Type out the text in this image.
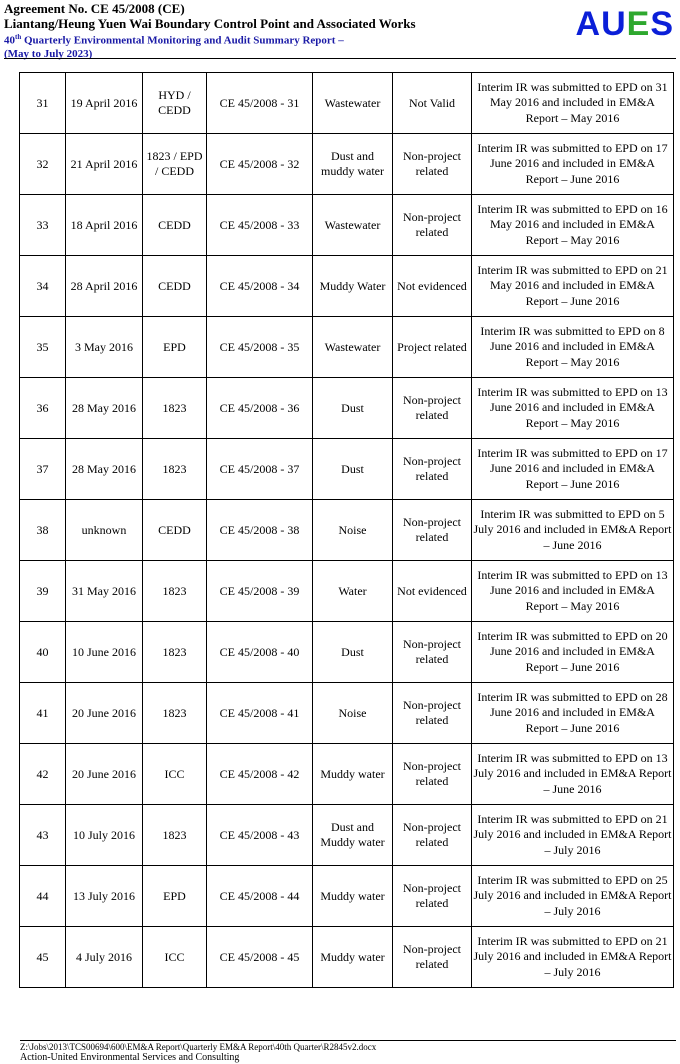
Agreement No. CE 45/2008 (CE)

Liantang/Heung Yuen Wai Boundary Control Point and Associated Works

40th Quarterly Environmental Monitoring and Audit Summary Report –

(May to July 2023)

AUES
31	19 April 2016	HYD / CEDD	CE 45/2008 - 31	Wastewater	Not Valid	Interim IR was submitted to EPD on 31 May 2016 and included in EM&A Report – May 2016
32	21 April 2016	1823 / EPD / CEDD	CE 45/2008 - 32	Dust and muddy water	Non-project related	Interim IR was submitted to EPD on 17 June 2016 and included in EM&A Report – June 2016
33	18 April 2016	CEDD	CE 45/2008 - 33	Wastewater	Non-project related	Interim IR was submitted to EPD on 16 May 2016 and included in EM&A Report – May 2016
34	28 April 2016	CEDD	CE 45/2008 - 34	Muddy Water	Not evidenced	Interim IR was submitted to EPD on 21 May 2016 and included in EM&A Report – June 2016
35	3 May 2016	EPD	CE 45/2008 - 35	Wastewater	Project related	Interim IR was submitted to EPD on 8 June 2016 and included in EM&A Report – May 2016
36	28 May 2016	1823	CE 45/2008 - 36	Dust	Non-project related	Interim IR was submitted to EPD on 13 June 2016 and included in EM&A Report – May 2016
37	28 May 2016	1823	CE 45/2008 - 37	Dust	Non-project related	Interim IR was submitted to EPD on 17 June 2016 and included in EM&A Report – June 2016
38	unknown	CEDD	CE 45/2008 - 38	Noise	Non-project related	Interim IR was submitted to EPD on 5 July 2016 and included in EM&A Report – June 2016
39	31 May 2016	1823	CE 45/2008 - 39	Water	Not evidenced	Interim IR was submitted to EPD on 13 June 2016 and included in EM&A Report – May 2016
40	10 June 2016	1823	CE 45/2008 - 40	Dust	Non-project related	Interim IR was submitted to EPD on 20 June 2016 and included in EM&A Report – June 2016
41	20 June 2016	1823	CE 45/2008 - 41	Noise	Non-project related	Interim IR was submitted to EPD on 28 June 2016 and included in EM&A Report – June 2016
42	20 June 2016	ICC	CE 45/2008 - 42	Muddy water	Non-project related	Interim IR was submitted to EPD on 13 July 2016 and included in EM&A Report – June 2016
43	10 July 2016	1823	CE 45/2008 - 43	Dust and Muddy water	Non-project related	Interim IR was submitted to EPD on 21 July 2016 and included in EM&A Report – July 2016
44	13 July 2016	EPD	CE 45/2008 - 44	Muddy water	Non-project related	Interim IR was submitted to EPD on 25 July 2016 and included in EM&A Report – July 2016
45	4 July 2016	ICC	CE 45/2008 - 45	Muddy water	Non-project related	Interim IR was submitted to EPD on 21 July 2016 and included in EM&A Report – July 2016
Z:\Jobs\2013\TCS00694\600\EM&A Report\Quarterly EM&A Report\40th Quarter\R2845v2.docx
Action-United Environmental Services and Consulting
